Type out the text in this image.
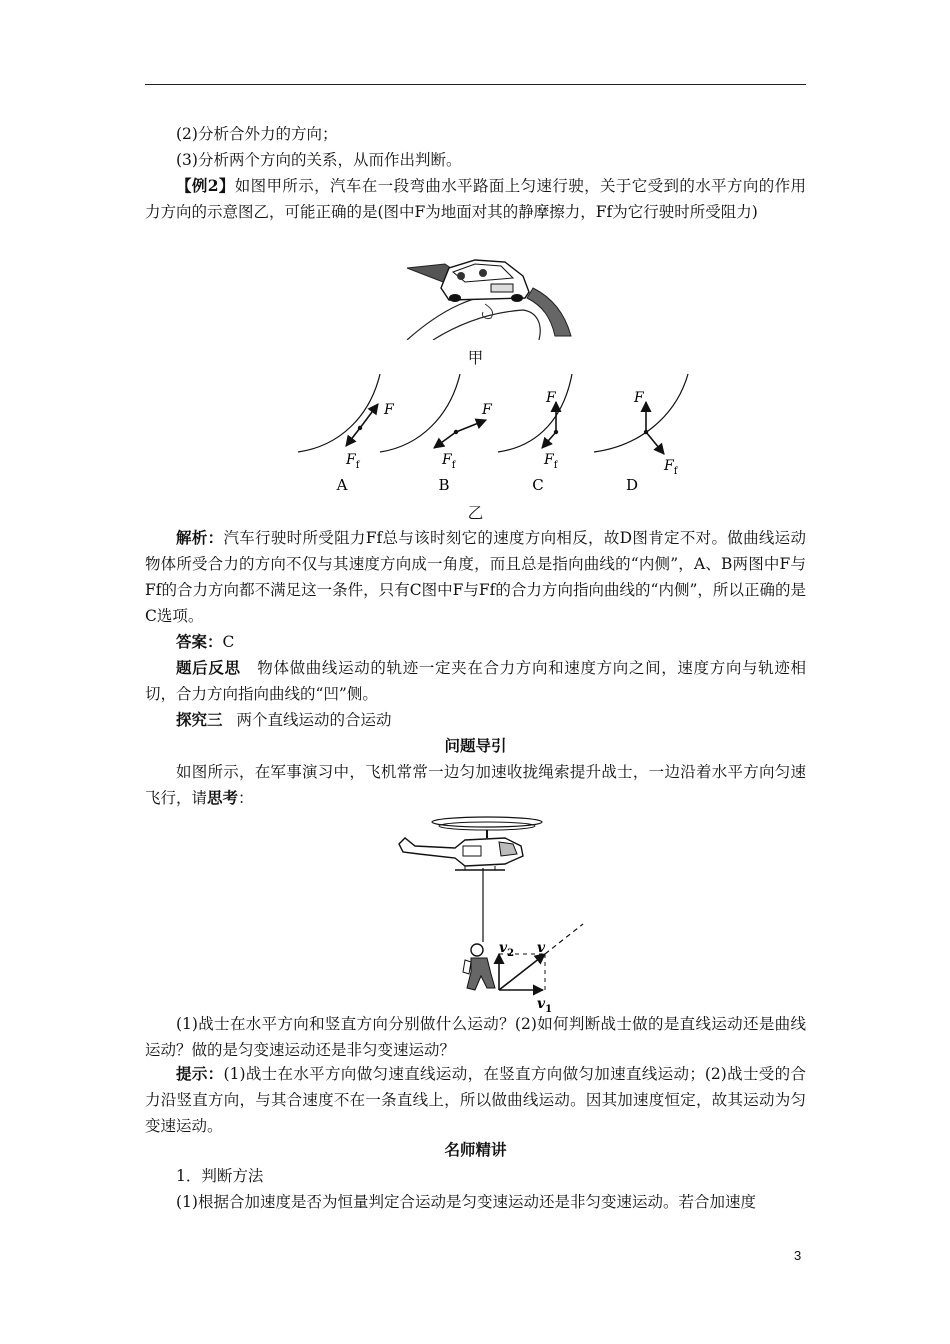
(2)分析合外力的方向；

(3)分析两个方向的关系，从而作出判断。

【例2】如图甲所示，汽车在一段弯曲水平路面上匀速行驶，关于它受到的水平方向的作用力方向的示意图乙，可能正确的是(图中F为地面对其的静摩擦力，Ff为它行驶时所受阻力)

甲
F
$F_f$
A
F
$F_f$
B
F
$F_f$
C
F
$F_f$
D
乙

解析：汽车行驶时所受阻力Ff总与该时刻它的速度方向相反，故D图肯定不对。做曲线运动物体所受合力的方向不仅与其速度方向成一角度，而且总是指向曲线的“内侧”，A、B两图中F与Ff的合力方向都不满足这一条件，只有C图中F与Ff的合力方向指向曲线的“内侧”，所以正确的是C选项。

答案：C

题后反思 物体做曲线运动的轨迹一定夹在合力方向和速度方向之间，速度方向与轨迹相切，合力方向指向曲线的“凹”侧。

探究三 两个直线运动的合运动

问题导引

如图所示，在军事演习中，飞机常常一边匀加速收拢绳索提升战士，一边沿着水平方向匀速飞行，请思考：

$v_2$ v
$v_1$

(1)战士在水平方向和竖直方向分别做什么运动？(2)如何判断战士做的是直线运动还是曲线运动？做的是匀变速运动还是非匀变速运动？

提示：(1)战士在水平方向做匀速直线运动，在竖直方向做匀加速直线运动；(2)战士受的合力沿竖直方向，与其合速度不在一条直线上，所以做曲线运动。因其加速度恒定，故其运动为匀变速运动。

名师精讲

1．判断方法

(1)根据合加速度是否为恒量判定合运动是匀变速运动还是非匀变速运动。若合加速度

3
